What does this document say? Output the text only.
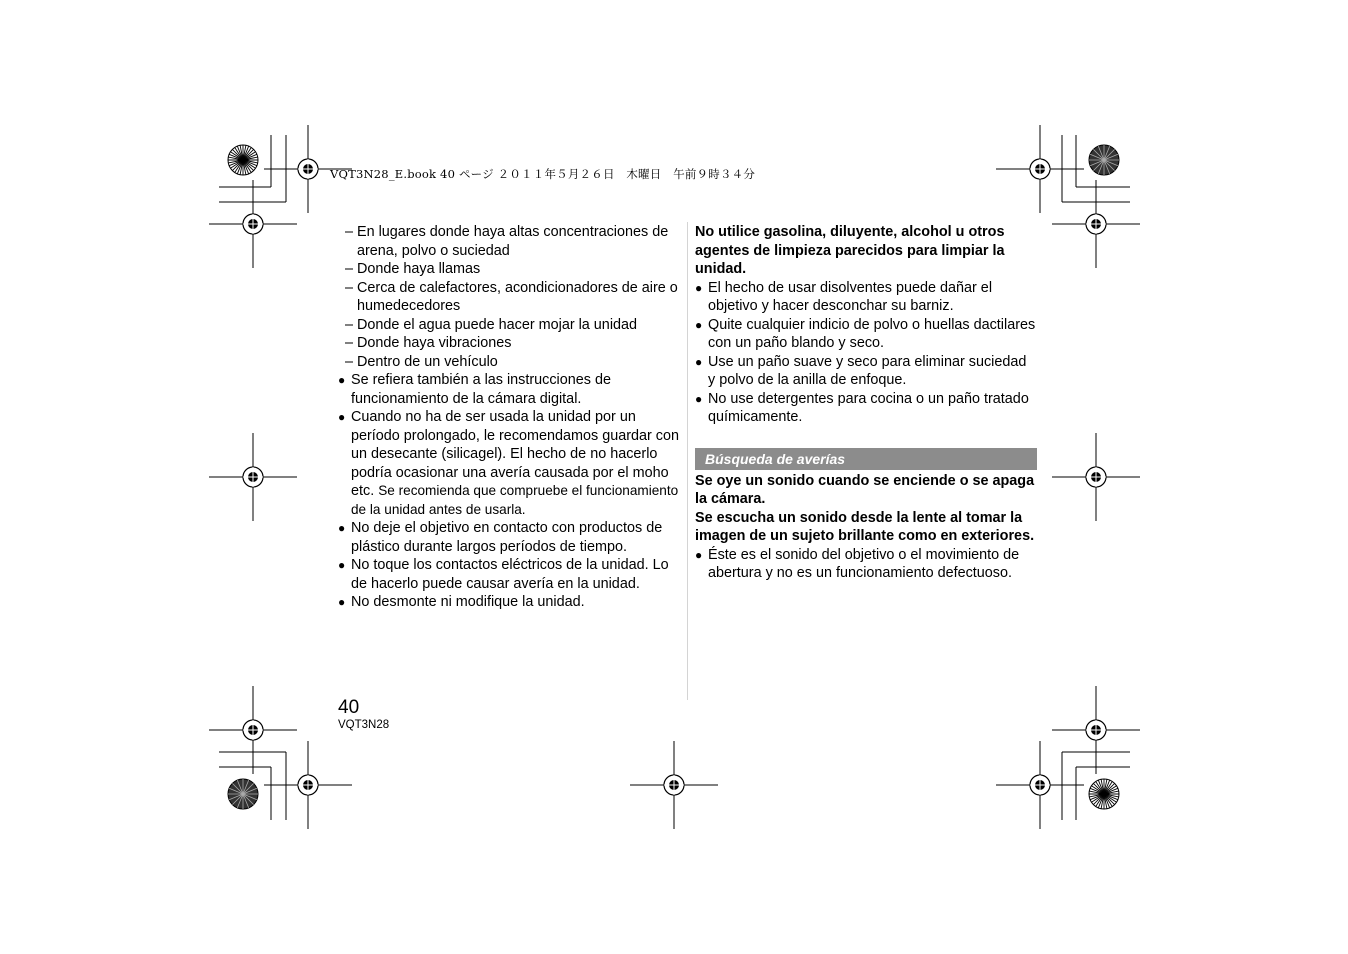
VQT3N28_E.book 40 ページ ２０１１年５月２６日　木曜日　午前９時３４分
– En lugares donde haya altas concentraciones de arena, polvo o suciedad
– Donde haya llamas
– Cerca de calefactores, acondicionadores de aire o humedecedores
– Donde el agua puede hacer mojar la unidad
– Donde haya vibraciones
– Dentro de un vehículo
● Se refiera también a las instrucciones de funcionamiento de la cámara digital.
● Cuando no ha de ser usada la unidad por un período prolongado, le recomendamos guardar con un desecante (silicagel). El hecho de no hacerlo podría ocasionar una avería causada por el moho etc. Se recomienda que compruebe el funcionamiento de la unidad antes de usarla.
● No deje el objetivo en contacto con productos de plástico durante largos períodos de tiempo.
● No toque los contactos eléctricos de la unidad. Lo de hacerlo puede causar avería en la unidad.
● No desmonte ni modifique la unidad.
No utilice gasolina, diluyente, alcohol u otros agentes de limpieza parecidos para limpiar la unidad.
● El hecho de usar disolventes puede dañar el objetivo y hacer desconchar su barniz.
● Quite cualquier indicio de polvo o huellas dactilares con un paño blando y seco.
● Use un paño suave y seco para eliminar suciedad y polvo de la anilla de enfoque.
● No use detergentes para cocina o un paño tratado químicamente.
Búsqueda de averías
Se oye un sonido cuando se enciende o se apaga la cámara.
Se escucha un sonido desde la lente al tomar la imagen de un sujeto brillante como en exteriores.
● Éste es el sonido del objetivo o el movimiento de abertura y no es un funcionamiento defectuoso.
40
VQT3N28
